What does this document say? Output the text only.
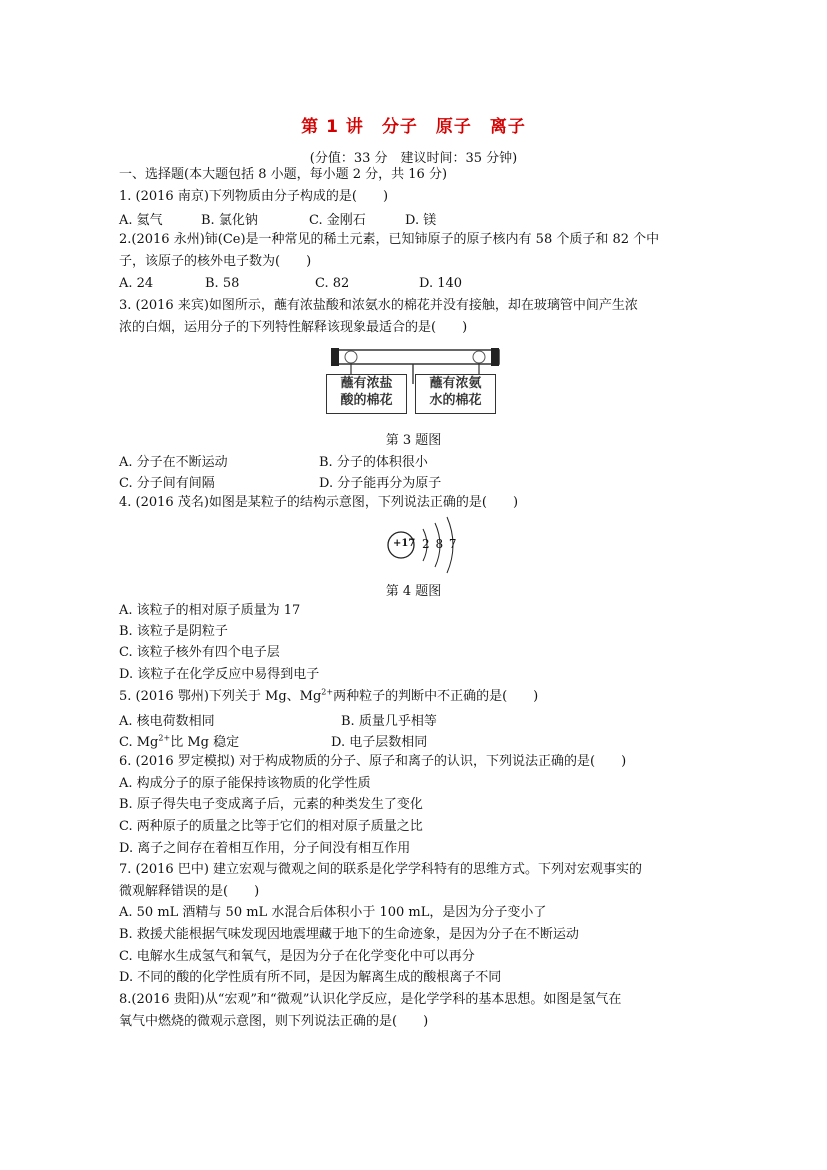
第 1 讲　分子　原子　离子
(分值：33 分　建议时间：35 分钟)
一、选择题(本大题包括 8 小题，每小题 2 分，共 16 分)
1. (2016 南京)下列物质由分子构成的是(　　)
A. 氦气	B. 氯化钠	C. 金刚石	D. 镁
2.(2016 永州)铈(Ce)是一种常见的稀土元素，已知铈原子的原子核内有 58 个质子和 82 个中
子，该原子的核外电子数为(　　)
A. 24	B. 58	C. 82	D. 140
3. (2016 来宾)如图所示，蘸有浓盐酸和浓氨水的棉花并没有接触，却在玻璃管中间产生浓
浓的白烟，运用分子的下列特性解释该现象最适合的是(　　)
蘸有浓盐
酸的棉花
蘸有浓氨
水的棉花
第 3 题图
A. 分子在不断运动	B. 分子的体积很小
C. 分子间有间隔	D. 分子能再分为原子
4. (2016 茂名)如图是某粒子的结构示意图，下列说法正确的是(　　)
+17 2 8 7
第 4 题图
A. 该粒子的相对原子质量为 17
B. 该粒子是阴粒子
C. 该粒子核外有四个电子层
D. 该粒子在化学反应中易得到电子
5. (2016 鄂州)下列关于 Mg、$Mg^{2+}$两种粒子的判断中不正确的是(　　)
A. 核电荷数相同	B. 质量几乎相等
C. $Mg^{2+}$比 Mg 稳定	D. 电子层数相同
6. (2016 罗定模拟) 对于构成物质的分子、原子和离子的认识，下列说法正确的是(　　)
A. 构成分子的原子能保持该物质的化学性质
B. 原子得失电子变成离子后，元素的种类发生了变化
C. 两种原子的质量之比等于它们的相对原子质量之比
D. 离子之间存在着相互作用，分子间没有相互作用
7. (2016 巴中) 建立宏观与微观之间的联系是化学学科特有的思维方式。下列对宏观事实的
微观解释错误的是(　　)
A. 50 mL 酒精与 50 mL 水混合后体积小于 100 mL，是因为分子变小了
B. 救援犬能根据气味发现因地震埋藏于地下的生命迹象，是因为分子在不断运动
C. 电解水生成氢气和氧气，是因为分子在化学变化中可以再分
D. 不同的酸的化学性质有所不同，是因为解离生成的酸根离子不同
8.(2016 贵阳)从“宏观”和“微观”认识化学反应，是化学学科的基本思想。如图是氢气在
氧气中燃烧的微观示意图，则下列说法正确的是(　　)
